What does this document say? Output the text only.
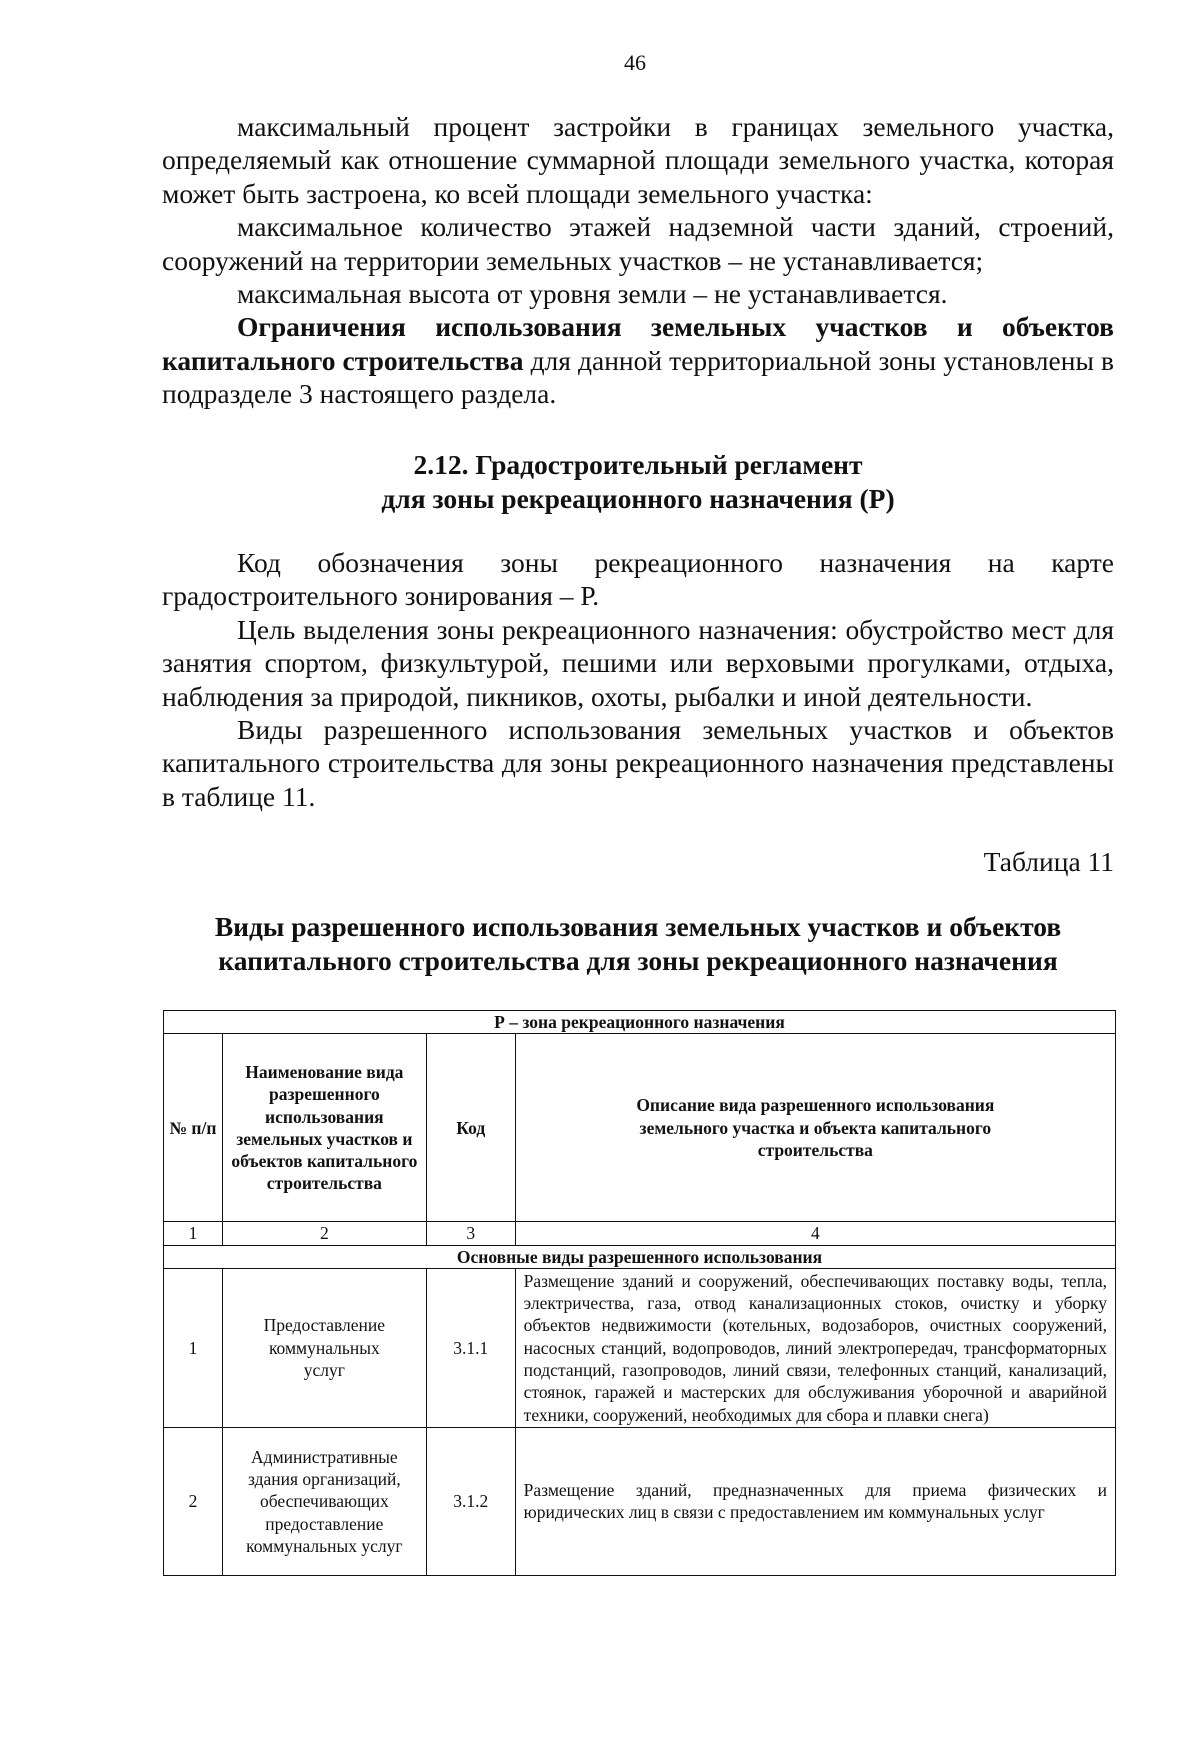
46

максимальный процент застройки в границах земельного участка, определяемый как отношение суммарной площади земельного участка, которая может быть застроена, ко всей площади земельного участка:

максимальное количество этажей надземной части зданий, строений, сооружений на территории земельных участков – не устанавливается;

максимальная высота от уровня земли – не устанавливается.

Ограничения использования земельных участков и объектов капитального строительства для данной территориальной зоны установлены в подразделе 3 настоящего раздела.

2.12. Градостроительный регламент
для зоны рекреационного назначения (Р)

Код обозначения зоны рекреационного назначения на карте градостроительного зонирования – Р.

Цель выделения зоны рекреационного назначения: обустройство мест для занятия спортом, физкультурой, пешими или верховыми прогулками, отдыха, наблюдения за природой, пикников, охоты, рыбалки и иной деятельности.

Виды разрешенного использования земельных участков и объектов капитального строительства для зоны рекреационного назначения представлены в таблице 11.

Таблица 11
Виды разрешенного использования земельных участков и объектов
капитального строительства для зоны рекреационного назначения
Р – зона рекреационного назначения			
№ п/п	Наименование вида разрешенного использования земельных участков и объектов капитального строительства	Код	Описание вида разрешенного использования земельного участка и объекта капитального строительства
1	2	3	4
Основные виды разрешенного использования			
1	Предоставление коммунальных услуг	3.1.1	Размещение зданий и сооружений, обеспечивающих поставку воды, тепла, электричества, газа, отвод канализационных стоков, очистку и уборку объектов недвижимости (котельных, водозаборов, очистных сооружений, насосных станций, водопроводов, линий электропередач, трансформаторных подстанций, газопроводов, линий связи, телефонных станций, канализаций, стоянок, гаражей и мастерских для обслуживания уборочной и аварийной техники, сооружений, необходимых для сбора и плавки снега)
2	Административные здания организаций, обеспечивающих предоставление коммунальных услуг	3.1.2	Размещение зданий, предназначенных для приема физических и юридических лиц в связи с предоставлением им коммунальных услуг
